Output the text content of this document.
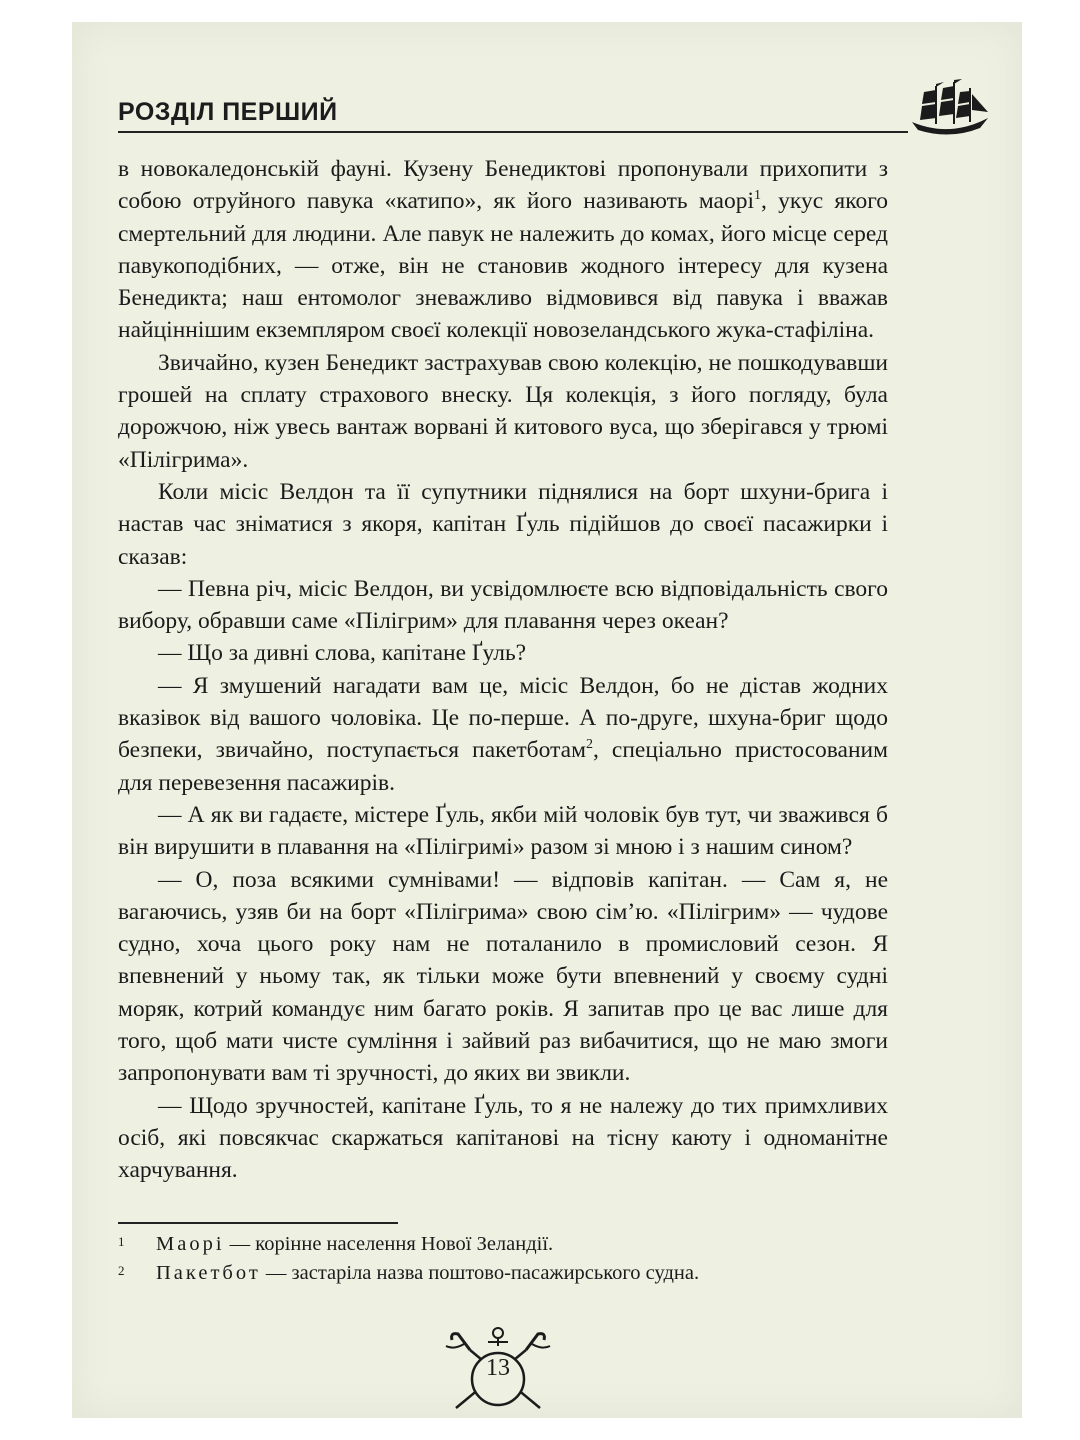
РОЗДІЛ ПЕРШИЙ

в новокаледонській фауні. Кузену Бенедиктові пропонували прихопити з собою отруйного павука «катипо», як його називають маорі$^1$, укус якого смертельний для людини. Але павук не належить до комах, його місце серед павукоподібних, — отже, він не становив жодного інтересу для кузена Бенедикта; наш ентомолог зневажливо відмовився від павука і вважав найціннішим екземпляром своєї колекції новозеландського жука-стафіліна.

Звичайно, кузен Бенедикт застрахував свою колекцію, не пошкодувавши грошей на сплату страхового внеску. Ця колекція, з його погляду, була дорожчою, ніж увесь вантаж ворвані й китового вуса, що зберігався у трюмі «Пілігрима».

Коли місіс Велдон та її супутники піднялися на борт шхуни-брига і настав час зніматися з якоря, капітан Ґуль підійшов до своєї пасажирки і сказав:

— Певна річ, місіс Велдон, ви усвідомлюєте всю відповідальність свого вибору, обравши саме «Пілігрим» для плавання через океан?

— Що за дивні слова, капітане Ґуль?

— Я змушений нагадати вам це, місіс Велдон, бо не дістав жодних вказівок від вашого чоловіка. Це по-перше. А по-друге, шхуна-бриг щодо безпеки, звичайно, поступається пакетботам$^2$, спеціально пристосованим для перевезення пасажирів.

— А як ви гадаєте, містере Ґуль, якби мій чоловік був тут, чи зважився б він вирушити в плавання на «Пілігримі» разом зі мною і з нашим сином?

— О, поза всякими сумнівами! — відповів капітан. — Сам я, не вагаючись, узяв би на борт «Пілігрима» свою сім’ю. «Пілігрим» — чудове судно, хоча цього року нам не поталанило в промисловий сезон. Я впевнений у ньому так, як тільки може бути впевнений у своєму судні моряк, котрий командує ним багато років. Я запитав про це вас лише для того, щоб мати чисте сумління і зайвий раз вибачитися, що не маю змоги запропонувати вам ті зручності, до яких ви звикли.

— Щодо зручностей, капітане Ґуль, то я не належу до тих примхливих осіб, які повсякчас скаржаться капітанові на тісну каюту і одноманітне харчування.

1 Маорі — корінне населення Нової Зеландії.
2 Пакетбот — застаріла назва поштово-пасажирського судна.
13
